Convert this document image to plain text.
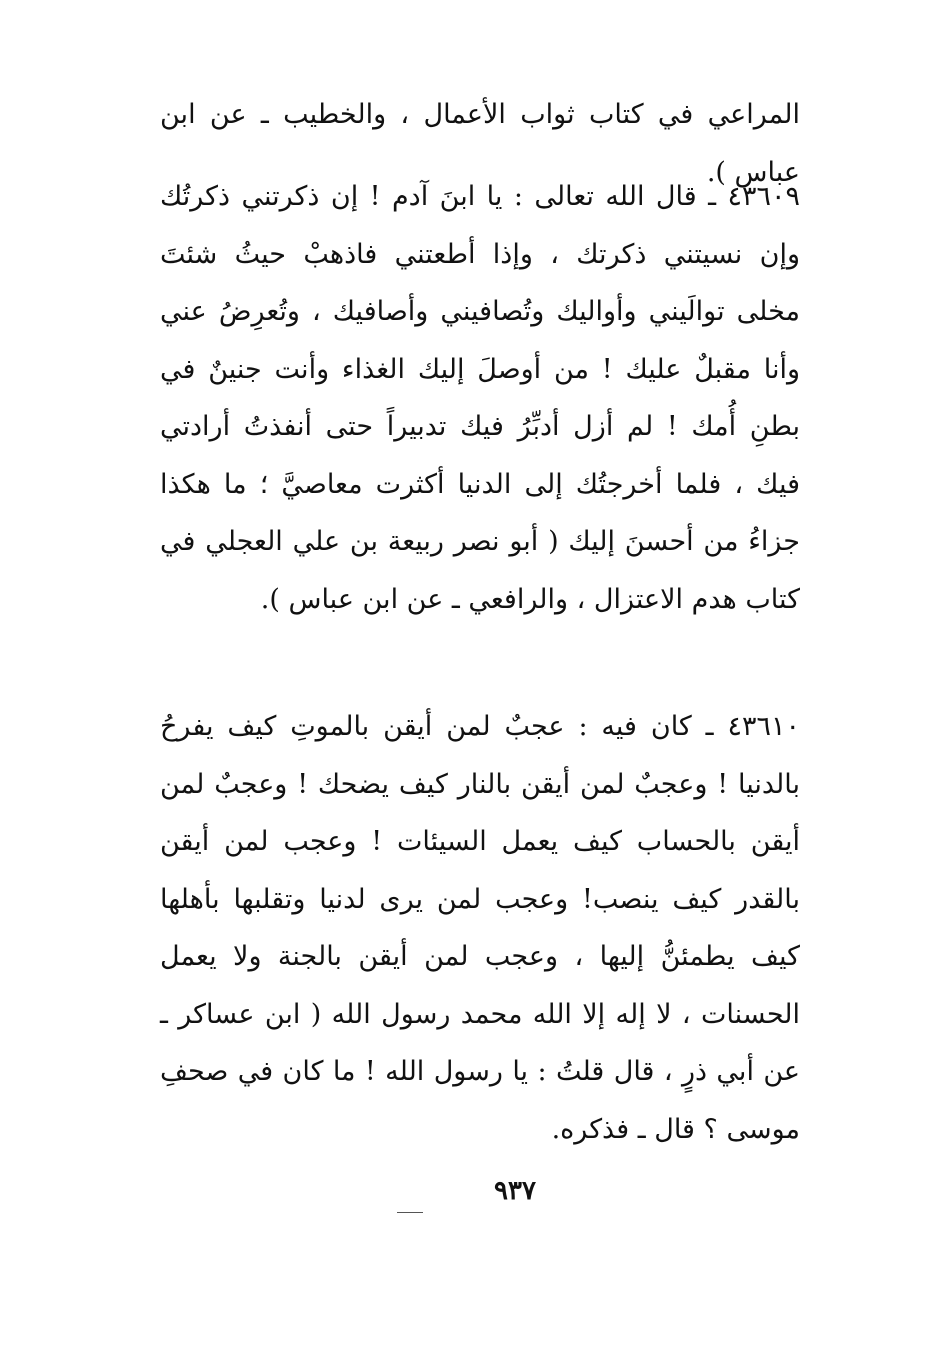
المراعي في كتاب ثواب الأعمال ، والخطيب ـ عن ابن عباس ).
٤٣٦٠٩ ـ قال الله تعالى : يا ابنَ آدم ! إن ذكرتني ذكرتُك وإن نسيتني ذكرتك ، وإذا أطعتني فاذهبْ حيثُ شئتَ مخلى توالَيني وأواليك وتُصافيني وأصافيك ، وتُعرِضُ عني وأنا مقبلٌ عليك ! من أوصلَ إليك الغذاء وأنت جنينٌ في بطنِ أُمك ! لم أزل أدبِّرُ فيك تدبيراً حتى أنفذتُ أرادتي فيك ، فلما أخرجتُك إلى الدنيا أكثرت معاصيَّ ؛ ما هكذا جزاءُ من أحسنَ إليك ( أبو نصر ربيعة بن علي العجلي في كتاب هدم الاعتزال ، والرافعي ـ عن ابن عباس ).
٤٣٦١٠ ـ كان فيه : عجبٌ لمن أيقن بالموتِ كيف يفرحُ بالدنيا ! وعجبٌ لمن أيقن بالنار كيف يضحك ! وعجبٌ لمن أيقن بالحساب كيف يعمل السيئات ! وعجب لمن أيقن بالقدر كيف ينصب! وعجب لمن يرى لدنيا وتقلبها بأهلها كيف يطمئنُّ إليها ، وعجب لمن أيقن بالجنة ولا يعمل الحسنات ، لا إله إلا الله محمد رسول الله ( ابن عساكر ـ عن أبي ذرٍ ، قال قلتُ : يا رسول الله ! ما كان في صحفِ موسى ؟ قال ـ فذكره.
٩٣٧
